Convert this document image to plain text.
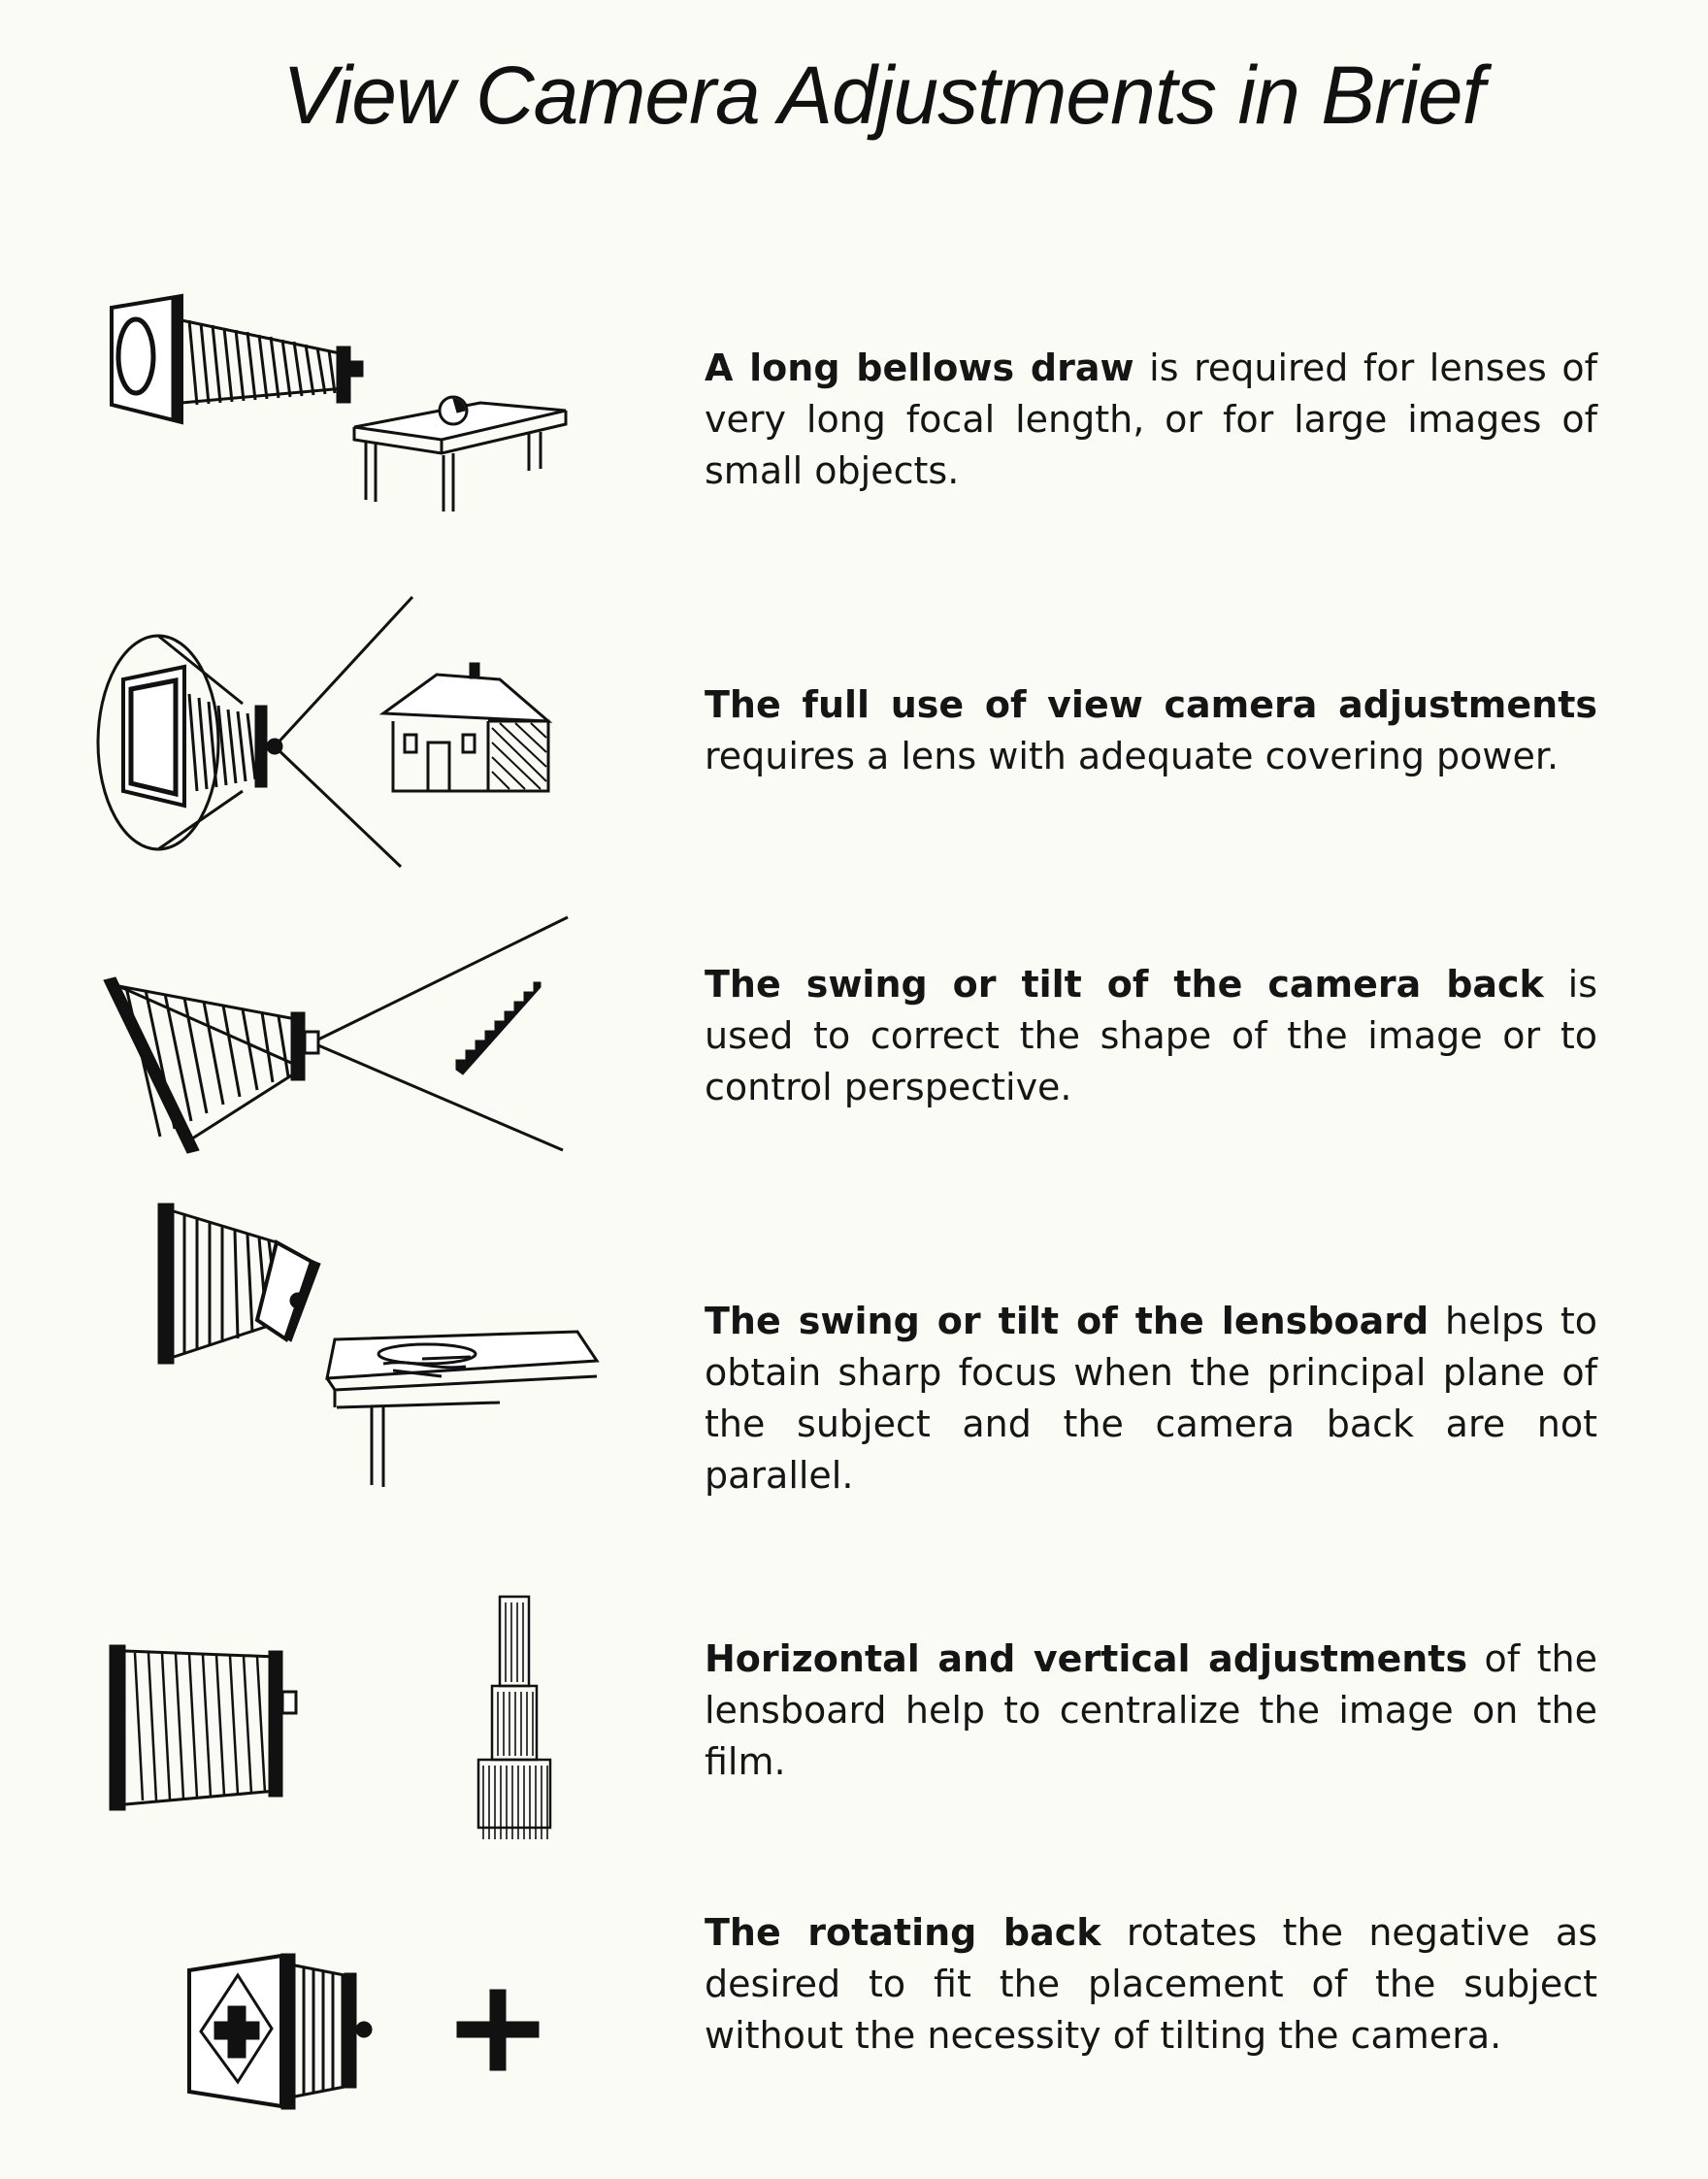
View Camera Adjustments in Brief
A long bellows draw is required for lenses of very long focal length, or for large images of small objects.
The full use of view camera adjustments requires a lens with adequate covering power.
The swing or tilt of the camera back is used to correct the shape of the image or to control perspective.
The swing or tilt of the lensboard helps to obtain sharp focus when the principal plane of the subject and the camera back are not parallel.
Horizontal and vertical adjustments of the lensboard help to centralize the image on the film.
The rotating back rotates the negative as desired to fit the placement of the subject without the necessity of tilting the camera.
